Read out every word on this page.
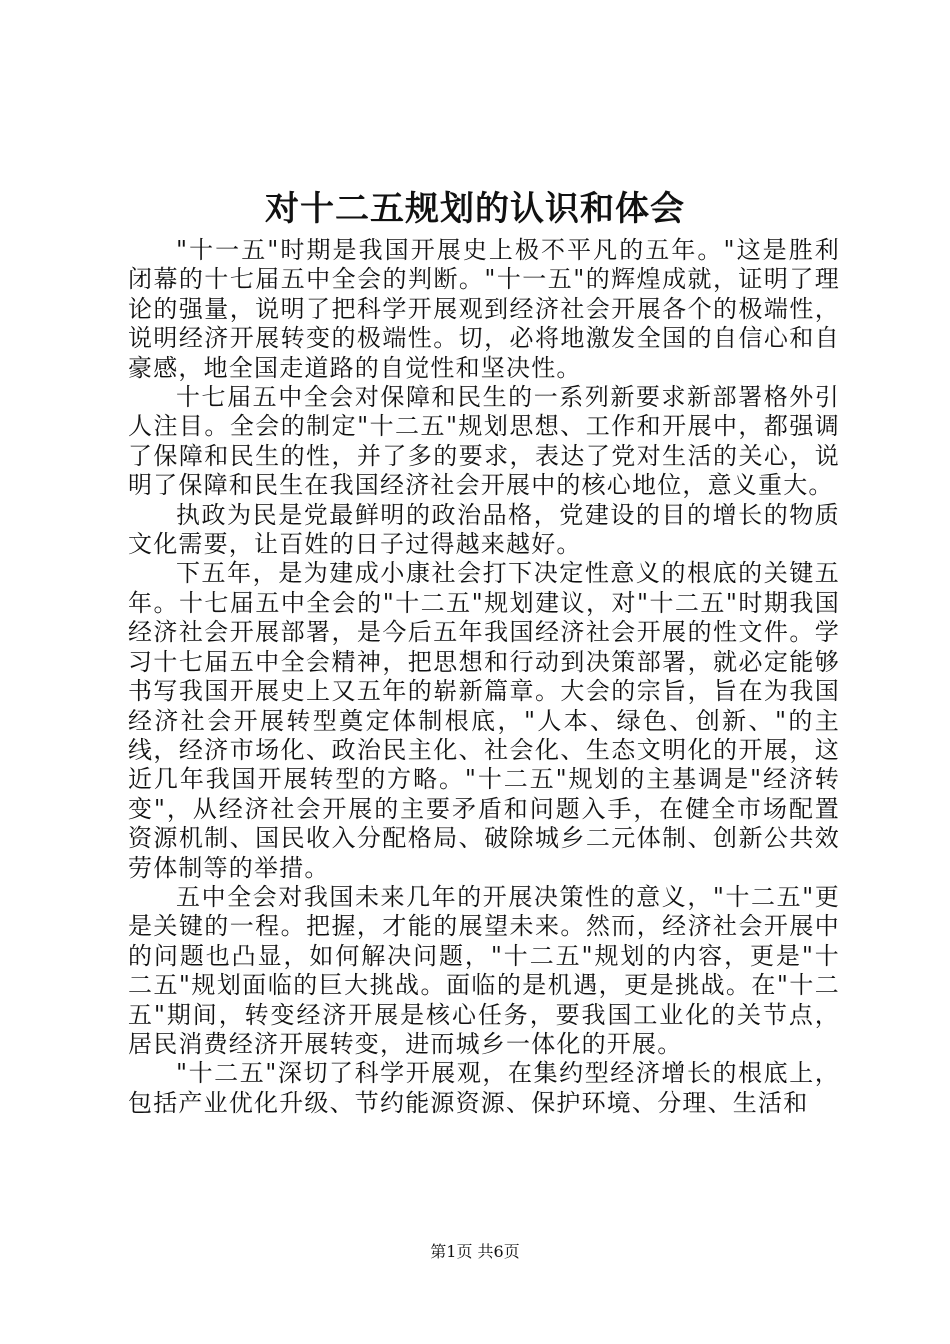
对十二五规划的认识和体会

"十一五"时期是我国开展史上极不平凡的五年。"这是胜利闭幕的十七届五中全会的判断。"十一五"的辉煌成就，证明了理论的强量，说明了把科学开展观到经济社会开展各个的极端性，说明经济开展转变的极端性。切，必将地激发全国的自信心和自豪感，地全国走道路的自觉性和坚决性。

十七届五中全会对保障和民生的一系列新要求新部署格外引人注目。全会的制定"十二五"规划思想、工作和开展中，都强调了保障和民生的性，并了多的要求，表达了党对生活的关心，说明了保障和民生在我国经济社会开展中的核心地位，意义重大。

执政为民是党最鲜明的政治品格，党建设的目的增长的物质文化需要，让百姓的日子过得越来越好。

下五年，是为建成小康社会打下决定性意义的根底的关键五年。十七届五中全会的"十二五"规划建议，对"十二五"时期我国经济社会开展部署，是今后五年我国经济社会开展的性文件。学习十七届五中全会精神，把思想和行动到决策部署，就必定能够书写我国开展史上又五年的崭新篇章。大会的宗旨，旨在为我国经济社会开展转型奠定体制根底，"人本、绿色、创新、"的主线，经济市场化、政治民主化、社会化、生态文明化的开展，这近几年我国开展转型的方略。"十二五"规划的主基调是"经济转变"，从经济社会开展的主要矛盾和问题入手，在健全市场配置资源机制、国民收入分配格局、破除城乡二元体制、创新公共效劳体制等的举措。

五中全会对我国未来几年的开展决策性的意义，"十二五"更是关键的一程。把握，才能的展望未来。然而，经济社会开展中的问题也凸显，如何解决问题，"十二五"规划的内容，更是"十二五"规划面临的巨大挑战。面临的是机遇，更是挑战。在"十二五"期间，转变经济开展是核心任务，要我国工业化的关节点，居民消费经济开展转变，进而城乡一体化的开展。

"十二五"深切了科学开展观，在集约型经济增长的根底上，包括产业优化升级、节约能源资源、保护环境、分理、生活和

第1页 共6页
